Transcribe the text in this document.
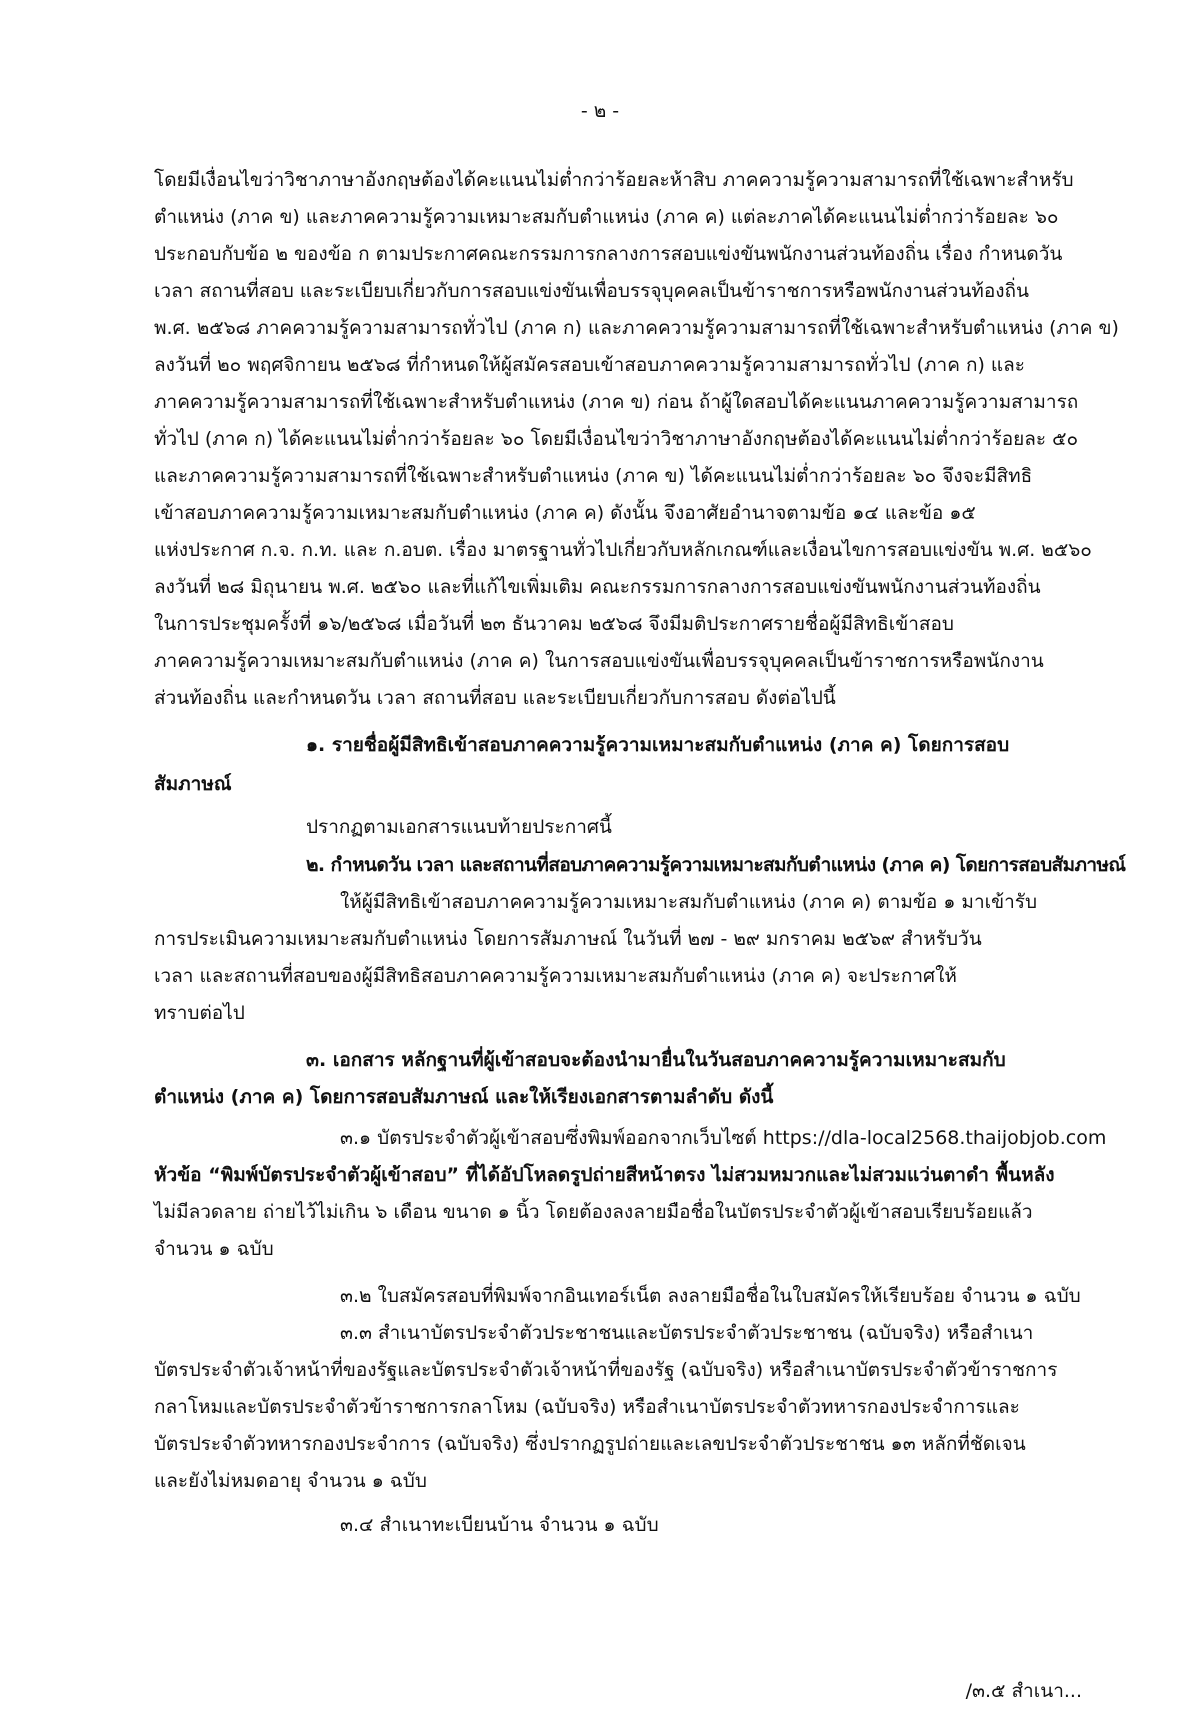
- ๒ -
โดยมีเงื่อนไขว่าวิชาภาษาอังกฤษต้องได้คะแนนไม่ต่ำกว่าร้อยละห้าสิบ ภาคความรู้ความสามารถที่ใช้เฉพาะสำหรับ
ตำแหน่ง (ภาค ข) และภาคความรู้ความเหมาะสมกับตำแหน่ง (ภาค ค) แต่ละภาคได้คะแนนไม่ต่ำกว่าร้อยละ ๖๐
ประกอบกับข้อ ๒ ของข้อ ก ตามประกาศคณะกรรมการกลางการสอบแข่งขันพนักงานส่วนท้องถิ่น เรื่อง กำหนดวัน
เวลา สถานที่สอบ และระเบียบเกี่ยวกับการสอบแข่งขันเพื่อบรรจุบุคคลเป็นข้าราชการหรือพนักงานส่วนท้องถิ่น
พ.ศ. ๒๕๖๘ ภาคความรู้ความสามารถทั่วไป (ภาค ก) และภาคความรู้ความสามารถที่ใช้เฉพาะสำหรับตำแหน่ง (ภาค ข)
ลงวันที่ ๒๐ พฤศจิกายน ๒๕๖๘ ที่กำหนดให้ผู้สมัครสอบเข้าสอบภาคความรู้ความสามารถทั่วไป (ภาค ก) และ
ภาคความรู้ความสามารถที่ใช้เฉพาะสำหรับตำแหน่ง (ภาค ข) ก่อน ถ้าผู้ใดสอบได้คะแนนภาคความรู้ความสามารถ
ทั่วไป (ภาค ก) ได้คะแนนไม่ต่ำกว่าร้อยละ ๖๐ โดยมีเงื่อนไขว่าวิชาภาษาอังกฤษต้องได้คะแนนไม่ต่ำกว่าร้อยละ ๕๐
และภาคความรู้ความสามารถที่ใช้เฉพาะสำหรับตำแหน่ง (ภาค ข) ได้คะแนนไม่ต่ำกว่าร้อยละ ๖๐ จึงจะมีสิทธิ
เข้าสอบภาคความรู้ความเหมาะสมกับตำแหน่ง (ภาค ค) ดังนั้น จึงอาศัยอำนาจตามข้อ ๑๔ และข้อ ๑๕
แห่งประกาศ ก.จ. ก.ท. และ ก.อบต. เรื่อง มาตรฐานทั่วไปเกี่ยวกับหลักเกณฑ์และเงื่อนไขการสอบแข่งขัน พ.ศ. ๒๕๖๐
ลงวันที่ ๒๘ มิถุนายน พ.ศ. ๒๕๖๐ และที่แก้ไขเพิ่มเติม คณะกรรมการกลางการสอบแข่งขันพนักงานส่วนท้องถิ่น
ในการประชุมครั้งที่ ๑๖/๒๕๖๘ เมื่อวันที่ ๒๓ ธันวาคม ๒๕๖๘ จึงมีมติประกาศรายชื่อผู้มีสิทธิเข้าสอบ
ภาคความรู้ความเหมาะสมกับตำแหน่ง (ภาค ค) ในการสอบแข่งขันเพื่อบรรจุบุคคลเป็นข้าราชการหรือพนักงาน
ส่วนท้องถิ่น และกำหนดวัน เวลา สถานที่สอบ และระเบียบเกี่ยวกับการสอบ ดังต่อไปนี้
๑. รายชื่อผู้มีสิทธิเข้าสอบภาคความรู้ความเหมาะสมกับตำแหน่ง (ภาค ค) โดยการสอบ
สัมภาษณ์
ปรากฏตามเอกสารแนบท้ายประกาศนี้
๒. กำหนดวัน เวลา และสถานที่สอบภาคความรู้ความเหมาะสมกับตำแหน่ง (ภาค ค) โดยการสอบสัมภาษณ์
ให้ผู้มีสิทธิเข้าสอบภาคความรู้ความเหมาะสมกับตำแหน่ง (ภาค ค) ตามข้อ ๑ มาเข้ารับ
การประเมินความเหมาะสมกับตำแหน่ง โดยการสัมภาษณ์ ในวันที่ ๒๗ - ๒๙ มกราคม ๒๕๖๙ สำหรับวัน
เวลา และสถานที่สอบของผู้มีสิทธิสอบภาคความรู้ความเหมาะสมกับตำแหน่ง (ภาค ค) จะประกาศให้
ทราบต่อไป
๓. เอกสาร หลักฐานที่ผู้เข้าสอบจะต้องนำมายื่นในวันสอบภาคความรู้ความเหมาะสมกับ
ตำแหน่ง (ภาค ค) โดยการสอบสัมภาษณ์ และให้เรียงเอกสารตามลำดับ ดังนี้
๓.๑ บัตรประจำตัวผู้เข้าสอบซึ่งพิมพ์ออกจากเว็บไซต์ https://dla-local2568.thaijobjob.com
หัวข้อ “พิมพ์บัตรประจำตัวผู้เข้าสอบ” ที่ได้อัปโหลดรูปถ่ายสีหน้าตรง ไม่สวมหมวกและไม่สวมแว่นตาดำ พื้นหลัง
ไม่มีลวดลาย ถ่ายไว้ไม่เกิน ๖ เดือน ขนาด ๑ นิ้ว โดยต้องลงลายมือชื่อในบัตรประจำตัวผู้เข้าสอบเรียบร้อยแล้ว
จำนวน ๑ ฉบับ
๓.๒ ใบสมัครสอบที่พิมพ์จากอินเทอร์เน็ต ลงลายมือชื่อในใบสมัครให้เรียบร้อย จำนวน ๑ ฉบับ
๓.๓ สำเนาบัตรประจำตัวประชาชนและบัตรประจำตัวประชาชน (ฉบับจริง) หรือสำเนา
บัตรประจำตัวเจ้าหน้าที่ของรัฐและบัตรประจำตัวเจ้าหน้าที่ของรัฐ (ฉบับจริง) หรือสำเนาบัตรประจำตัวข้าราชการ
กลาโหมและบัตรประจำตัวข้าราชการกลาโหม (ฉบับจริง) หรือสำเนาบัตรประจำตัวทหารกองประจำการและ
บัตรประจำตัวทหารกองประจำการ (ฉบับจริง) ซึ่งปรากฏรูปถ่ายและเลขประจำตัวประชาชน ๑๓ หลักที่ชัดเจน
และยังไม่หมดอายุ จำนวน ๑ ฉบับ
๓.๔ สำเนาทะเบียนบ้าน จำนวน ๑ ฉบับ
/๓.๕ สำเนา...
